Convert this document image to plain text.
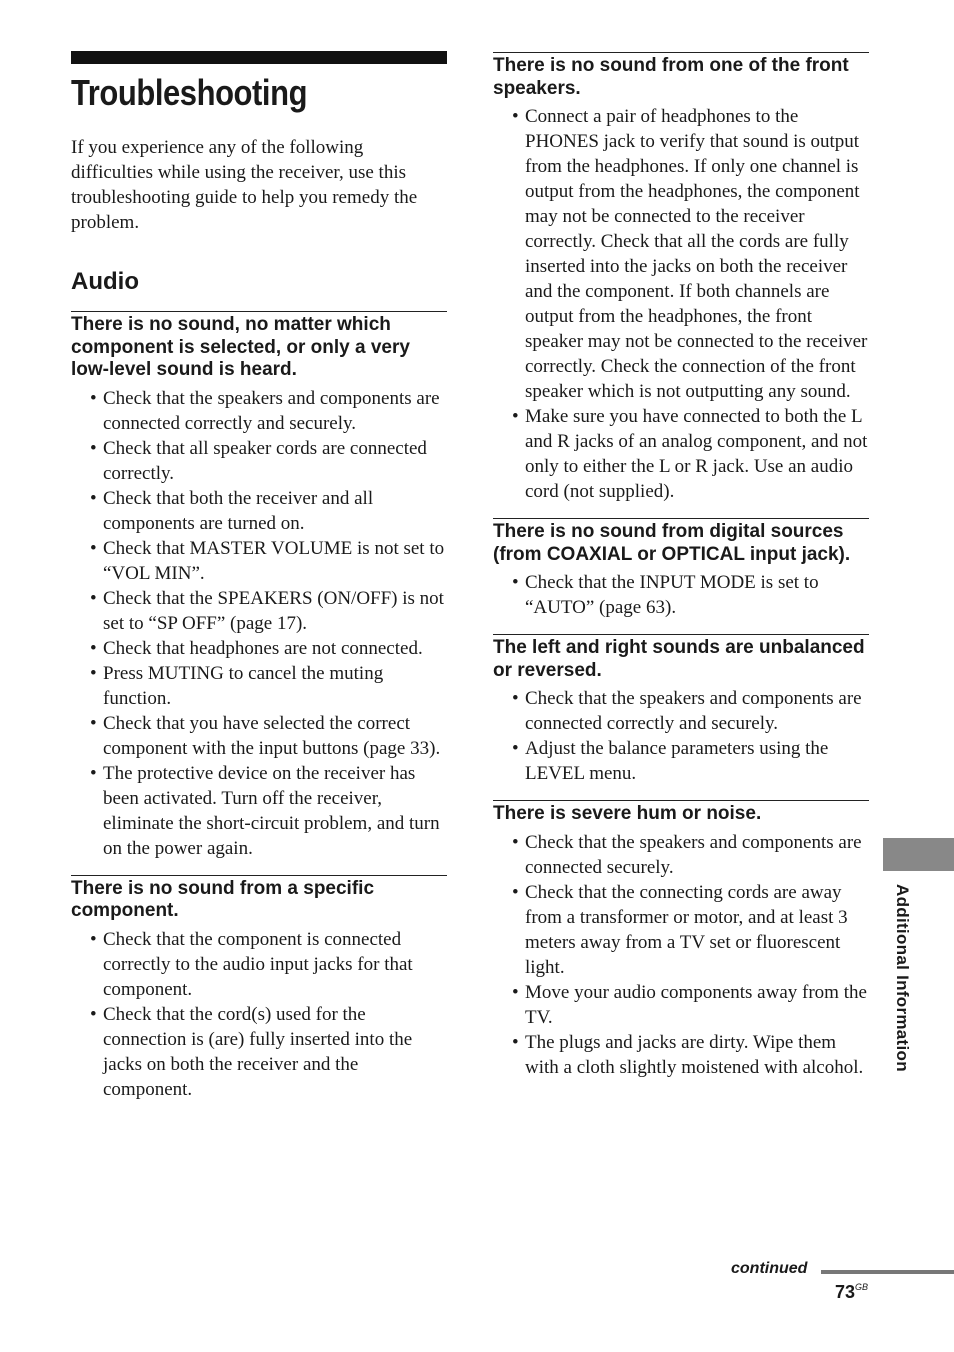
Troubleshooting

If you experience any of the following difficulties while using the receiver, use this troubleshooting guide to help you remedy the problem.

Audio
There is no sound, no matter which component is selected, or only a very low-level sound is heard.
• Check that the speakers and components are connected correctly and securely.
• Check that all speaker cords are connected correctly.
• Check that both the receiver and all components are turned on.
• Check that MASTER VOLUME is not set to “VOL MIN”.
• Check that the SPEAKERS (ON/OFF) is not set to “SP OFF” (page 17).
• Check that headphones are not connected.
• Press MUTING to cancel the muting function.
• Check that you have selected the correct component with the input buttons (page 33).
• The protective device on the receiver has been activated. Turn off the receiver, eliminate the short-circuit problem, and turn on the power again.
There is no sound from a specific component.
• Check that the component is connected correctly to the audio input jacks for that component.
• Check that the cord(s) used for the connection is (are) fully inserted into the jacks on both the receiver and the component.
There is no sound from one of the front speakers.
• Connect a pair of headphones to the PHONES jack to verify that sound is output from the headphones. If only one channel is output from the headphones, the component may not be connected to the receiver correctly. Check that all the cords are fully inserted into the jacks on both the receiver and the component. If both channels are output from the headphones, the front speaker may not be connected to the receiver correctly. Check the connection of the front speaker which is not outputting any sound.
• Make sure you have connected to both the L and R jacks of an analog component, and not only to either the L or R jack. Use an audio cord (not supplied).
There is no sound from digital sources (from COAXIAL or OPTICAL input jack).
• Check that the INPUT MODE is set to “AUTO” (page 63).
The left and right sounds are unbalanced or reversed.
• Check that the speakers and components are connected correctly and securely.
• Adjust the balance parameters using the LEVEL menu.
There is severe hum or noise.
• Check that the speakers and components are connected securely.
• Check that the connecting cords are away from a transformer or motor, and at least 3 meters away from a TV set or fluorescent light.
• Move your audio components away from the TV.
• The plugs and jacks are dirty. Wipe them with a cloth slightly moistened with alcohol.	Additional Information
continued
$73^{GB}$
